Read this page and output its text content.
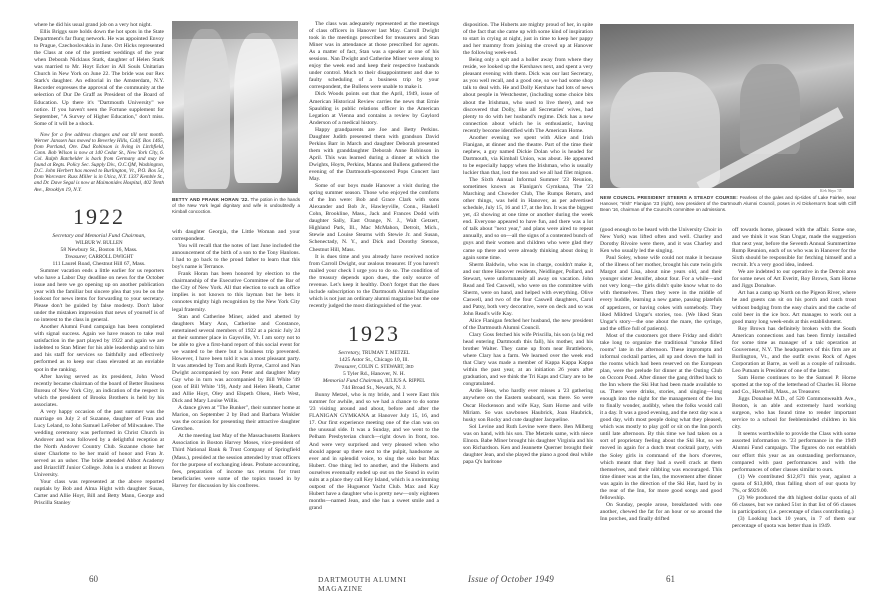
where he did his usual grand job on a very hot night.

Ellis Briggs sure holds down the hot spots in the State Department's far flung network. He was appointed Envoy to Prague, Czechoslovakia in June. Ort Hicks represented the Class at one of the prettiest weddings of the year when Deborah Nicklaus Stark, daughter of Helen Stark was married to Mr. Hoyt Ecker in All Souls Unitarian Church in New York on June 22. The bride was our Rex Stark's daughter. An editorial in the Amsterdam, N.Y. Recorder expresses the approval of the community at the selection of Dur De Graff as President of the Board of Education. Up there it's "Dartmouth University" we notice. If you haven't seen the Fortune supplement for September, "A Survey of Higher Education," don't miss. Some of it will be a shock.

Now for a few address changes and out till next month. Werner Janssen has moved to Beverley Hills, Calif. Box 1465, from Portland, Ore. Dud Robinson is living in Litchfield, Conn. Bob Wilson is now at 140 Cedar St., New York City, 6. Col. Ralph Batchelder is back from Germany and may be found at Regts. Policy Sec. Supply Div., O.C.QM, Washington, D.C. John Herbert has moved to Burlington, Vt., P.O. Box 54, from Worcester. Russ Miller is in Utica, N.Y. 1337 Kemble St., and Dr. Dave Segal is now at Maimonides Hospital, 402 Tenth Ave., Brooklyn 19, N.Y.

1922

Secretary and Memorial Fund Chairman,

WILBUR W. BULLEN

58 Newbury St., Boston 16, Mass.

Treasurer, CARROLL DWIGHT

111 Laurel Road, Chestnut Hill 67, Mass.

Summer vacation ends a little earlier for us reporters who have a Labor Day deadline on news for the October issue and here we go opening up on another publication year with the familiar but sincere plea that you be on the lookout for news items for forwarding to your secretary. Please don't be guided by false modesty. Don't labor under the mistaken impression that news of yourself is of no interest to the class in general.

Another Alumni Fund campaign has been completed with signal success. Again we have reason to take real satisfaction in the part played by 1922 and again we are indebted to Stan Miner for his able leadership and to him and his staff for services so faithfully and effectively performed as to keep our class elevated at an enviable spot in the ranking.

After having served as its president, John Wood recently became chairman of the board of Better Business Bureau of New York City, an indication of the respect in which the president of Brooks Brothers is held by his associates.

A very happy occasion of the past summer was the marriage on July 2 of Suzanne, daughter of Fran and Lucy Leland, to John Samuel LeFeber of Milwaukee. The wedding ceremony was performed in Christ Church in Andover and was followed by a delightful reception at the North Andover Country Club. Suzanne chose her sister Charlotte to be her maid of honor and Fran Jr. served as an usher. The bride attended Abbot Academy and Briarcliff Junior College. John is a student at Brown University.

Your class was represented at the above reported nuptials by Bob and Alma Hight with daughter Susan, Carter and Allie Hoyt, Bill and Betty Mann, George and Priscilla Stanley

BETTY AND FRANK HORAN '22. The potion in the hands of the New York legal dignitary and wife is undoubtedly a Kimball concoction.

with daughter Georgia, the Little Woman and your correspondent.

You will recall that the notes of last June included the announcement of the birth of a son to the Tony Hanlons. I had to go back to the proud father to learn that this boy's name is Terrance.

Frank Horan has been honored by election to the chairmanship of the Executive Committee of the Bar of the City of New York. All that election to such an office implies is not known to this layman but he bets it connotes mighty high recognition by the New York City legal fraternity.

Stan and Catherine Miner, aided and abetted by daughters Mary Ann, Catherine and Constance, entertained several members of 1922 at a picnic July 24 at their summer place in Gaysville, Vt. I am sorry not to be able to give a first-hand report of this social event for we wanted to be there but a business trip prevented. However, I have been told it was a most pleasant party. It was attended by Tom and Ruth Byrne, Carrol and Nan Dwight accompanied by son Peter and daughter Mary Gay who in turn was accompanied by Bill White '49 (son of Bill White '19), Andy and Helen Heath, Carter and Allie Hoyt, Oley and Elspeth Olsen, Herb West, Dick and Mary Louise Willis.

A dance given at "The Bunker", their summer home at Marion, on September 2 by Bud and Barbara Winkler was the occasion for presenting their attractive daughter Gretchen.

At the meeting last May of the Massachusetts Bankers Association in Boston Harvey Moses, vice-president of Third National Bank & Trust Company of Springfield (Mass.), presided at the session attended by trust officers for the purpose of exchanging ideas. Probate accounting, fees, preparation of income tax returns for trust beneficiaries were some of the topics tossed in by Harvey for discussion by his confreres.

The class was adequately represented at the meetings of class officers in Hanover last May. Carroll Dwight took in the meetings prescribed for treasurers and Stan Miner was in attendance at those prescribed for agents. As a matter of fact, Stan was a speaker at one of his sessions. Nan Dwight and Catherine Miner were along to enjoy the week end and keep their respective husbands under control. Much to their disappointment and due to faulty scheduling of a business trip by your correspondent, the Bullens were unable to make it.

Dick Woods points out that the April, 1949, issue of American Historical Review carries the news that Ernie Spaulding is public relations officer in the American Legation at Vienna and contains a review by Gaylord Anderson of a medical history.

Happy grandparents are Joe and Betty Perkins. Daughter Judith presented them with grandson David Perkins Barr in March and daughter Deborah presented them with granddaughter Deborah Anne Robinson in April. This was learned during a dinner at which the Dwights, Hoyts, Perkins, Manns and Bullens gathered the evening of the Dartmouth-sponsored Pops Concert last May.

Some of our boys made Hanover a visit during the spring summer season. Those who enjoyed the comforts of the Inn were: Bob and Grace Clark with sons Alexander and Bob Jr., Hawleyville, Conn., Haskell Cohn, Brookline, Mass., Jack and Frances Dodd with daughter Sally, East Orange, N. J., Walt Getzert, Highland Park, Ill., Mac McMahon, Detroit, Mich., Stewie and Louise Stearns with Stewie Jr. and Susan, Schenectady, N. Y., and Dick and Dorothy Stetson, Chestnut Hill, Mass.

It is dues time and you already have received notice from Carroll Dwight, our zealous treasurer. If you haven't mailed your check I urge you to do so. The condition of the treasury depends upon dues, the only source of revenue. Let's keep it healthy. Don't forget that the dues include subscription to the Dartmouth Alumni Magazine which is not just an ordinary alumni magazine but the one recently judged the most distinguished of the year.

1923

Secretary, TRUMAN T. METZEL

1425 Astor St., Chicago 10, Ill.

Treasurer, COLIN C. STEWART, 3rd

5 Tyler Rd., Hanover, N. H.

Memorial Fund Chairman, JULIUS A. RIPPEL

744 Broad St., Newark, N. J.

Bunny Metzel, who is my bride, and I were East this summer for awhile, and so we had a chance to do some '23 visiting around and about, before and after the FLANIGAN GYMKANA at Hanover July 15, 16, and 17. Our first experience meeting one of the clan was on the unusual side. It was a Sunday, and we went to the Pelham Presbyterian church—right down in front, too. And were very surprised and very pleased when who should appear up there next to the pulpit, handsome as ever and in splendid voice, to sing the solo but Max Hubert. One thing led to another, and the Huberts and ourselves eventually ended up out on the Sound in swim suits at a place they call Key Island, which is a swimming outpost of the Huguenot Yacht Club. Max and Kay Hubert have a daughter who is pretty new—only eighteen months—named Jean, and she has a sweet smile and a grand

60	DARTMOUTH ALUMNI MAGAZINE

disposition. The Huberts are mighty proud of her, in spite of the fact that she came up with some kind of inspiration to start in crying at night, just in time to keep her pappy and her mammy from joining the crowd up at Hanover the following week-end.

Being only a spit and a holler away from where they reside, we looked up the Kershaws next, and spent a very pleasant evening with them. Dick was our last Secretary, as you well recall, and a good one, so we had some shop talk to deal with. He and Dolly Kershaw had lots of news about people in Westchester, (including some choice bits about the Irishman, who used to live there), and we discovered that Dolly, like all Secretaries' wives, had plenty to do with her husband's regime. Dick has a new connection about which he is enthusiastic, having recently become identified with The American Home.

Another evening we spent with Alice and Irish Flanigan, at dinner and the theatre. Part of the time their nephew, a guy named Dickie Dolan who is headed for Dartmouth, via Kimball Union, was about. He appeared to be especially happy when the Irishman, who is usually luckier than that, lost the toss and we all had filet mignon.

The Sixth Annual Informal Summer '23 Reunion, sometimes known as Flanigan's Gymkana, The '23 Marching and Chowder Club, The Rumps Return, and other things, was held in Hanover, as per advertised schedule, July 15, 16 and 17, at the Inn. It was the biggest yet, 43 showing at one time or another during the week end. Everyone appeared to have fun, and there was a lot of talk about "next year," and plans were aired to repeat annually, and so on—all the signs of a contented bunch of guys and their women and children who were glad they came up there and were already thinking about doing it again some time.

Sherm Baldwin, who was in charge, couldn't make it, and our three Hanover residents, Neidlinger, Pollard, and Stewart, were unfortunately all away on vacation. John Read and Ted Caswell, who were on the committee with Sherm, were on hand, and helped with everything. Olive Caswell, and two of the four Caswell daughters, Carol and Patsy, both very decorative, were on deck and so was John Read's wife Kay.

Alice Flanigan fetched her husband, the new president of the Dartmouth Alumni Council.

Clary Goss fetched his wife Priscilla, his son (a big red head entering Dartmouth this fall), his mother, and his brother Walter. They came up from near Brattleboro, where Clary has a farm. We learned over the week end that Clary was made a member of Kappa Kappa Kappa within the past year, at an initiation 26 years after graduation, and we think the Tri Kaps and Clary are to be congratulated.

Ardie Hess, who hardly ever misses a '23 gathering anywhere on the Eastern seaboard, was there. So were Oscar Hockenson and wife Kay, Sam Horne and wife Miriam. So was sawbones Haubrick, Joan Haubrick, husky son Rocky and cute daughter Jacqueline.

Sol Levine and Ruth Levine were there. Ben Milberg was on hand, with his son. The Metzels same, with niece Elnora. Babe Miner brought his daughter Virginia and his son Richardson. Ken and Jeannette Querner brought their daughter Jean, and she played the piano a good deal while papa Q's baritone

Kirk Wayo '35
NEW COUNCIL PRESIDENT STEERS A STEADY COURSE: Fearless of the gales and rip-tides of Lake Fairlee, near Hanover, "Irish" Flanigan '23 (right), new president of the Dartmouth Alumni Council, poses in Al Dickerson's boat with Cliff Bean '16, chairman of the Council's committee on admissions.

(good enough to be heard with the University Choir in New York) was lifted often and well. Charley and Dorothy Rivoire were there, and it was Charley and Ken who usually led the singing.

Paul Soley, whose wife could not make it because of the illness of her mother, brought his cute twin girls Margot and Lisa, about nine years old, and their younger sister Jennifer, about four. For a while—and not very long—the girls didn't quite know what to do with themselves. Then they were in the middle of every huddle, learning a new game, passing platefuls of appetizers, or having cokes with somebody. They liked Mildred Ungar's stories, too. (We liked Stan Ungar's story—the one about the mare, the syringe, and the office full of patients).

Most of the customers got there Friday and didn't take long to organize the traditional "smoke filled rooms" late in the afternoon. These impromptu and informal cocktail parties, all up and down the hall in the rooms which had been reserved on the European plan, were the prelude for dinner at the Outing Club on Occom Pond. After dinner the gang drifted back to the Inn where the Ski Hut had been made available to us. There were drinks, stories, and singing—long enough into the night for the management of the Inn to finally wonder, audibly, when the folks would call it a day. It was a good evening, and the next day was a good day, with most people doing what they pleased, which was mostly to play golf or sit on the Inn porch until late afternoon. By this time we had taken on a sort of proprietary feeling about the Ski Hut, so we moved in again for a dutch treat cocktail party, with the Soley girls in command of the hors d'oevres, which meant that they had a swell crack at them themselves, and their nibbling was encouraged. This time dinner was at the Inn, the movement after dinner was again in the direction of the Ski Hut, hard by in the rear of the Inn, for more good songs and good fellowship.

On Sunday, people arose, breakfasted with one another, chewed the fat for an hour or so around the Inn porches, and finally drifted

off towards home, pleased with the affair. Some one, and we think it was Stan Ungar, made the suggestion that next year, before the Seventh Annual Summertime Rump Reunion, each of us who was in Hanover for the Sixth should be responsible for fetching himself and a recruit. It's a very good idea, indeed.

We are indebted to our operative in the Detroit area for some news of Art Everitt, Roy Brown, Sam Horne and Jiggs Donahue.

Art has a camp up North on the Pigeon River, where he and guests can sit on his porch and catch trout without budging from the easy chairs and the cache of cold beer in the ice box. Art manages to work out a good many long week-ends at this establishment.

Roy Brown has definitely broken with the South American connections and has been firmly installed for some time as manager of a talc operation at Gouverneur, N.Y. The headquarters of this firm are at Burlington, Vt., and the outfit owns Rock of Ages Corporation at Barre, as well as a couple of railroads. Leo Putnam is President of one of the latter.

Sam Horne continues to be the Samuel P. Horne spotted at the top of the letterhead of Charles H. Horne and Co., Haverhill, Mass., as Treasurer.

Jiggs Donahue M.D., of 520 Commonwealth Ave., Boston, is an able and extremely hard working surgeon, who has found time to render important service to a school for feebleminded children in his city.

It seems worthwhile to provide the Class with some assorted information re. '23 performance in the 1949 Alumni Fund campaign. The figures do not establish our effort this year as an outstanding performance, compared with past performances and with the performances of other classes similar to ours.

(1) We contributed $12,871 this year, against a quota of $13,800, thus falling short of our quota by 7%, or $929.00.

(2) We produced the 4th highest dollar quota of all 66 classes, but we ranked 51st in that list of 66 classes in participation; (i.e. percentage of class contributing.)

(3) Looking back 10 years, in 7 of them our percentage of quota was better than in 1949.

Issue of October 1949	61
